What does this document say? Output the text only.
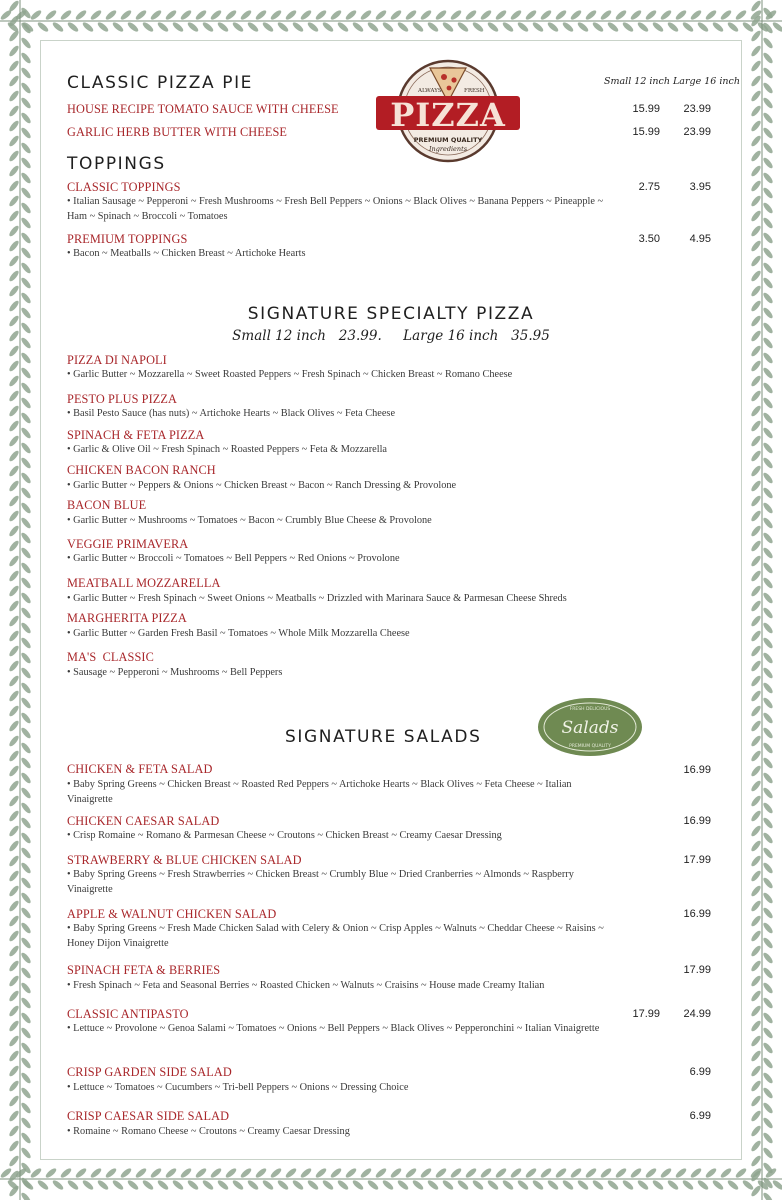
CLASSIC PIZZA PIE	Small 12 inch Large 16 inch
HOUSE RECIPE TOMATO SAUCE WITH CHEESE	15.99	23.99
GARLIC HERB BUTTER WITH CHEESE	15.99	23.99
ALWAYS	FRESH
PIZZA
PREMIUM QUALITY
Ingredients
TOPPINGS
CLASSIC TOPPINGS
• Italian Sausage ~ Pepperoni ~ Fresh Mushrooms ~ Fresh Bell Peppers ~ Onions ~ Black Olives ~ Banana Peppers ~ Pineapple ~ Ham ~ Spinach ~ Broccoli ~ Tomatoes
2.75	3.95
PREMIUM TOPPINGS
• Bacon ~ Meatballs ~ Chicken Breast ~ Artichoke Hearts
3.50	4.95
SIGNATURE SPECIALTY PIZZA
Small 12 inch   23.99.     Large 16 inch   35.95
PIZZA DI NAPOLI
• Garlic Butter ~ Mozzarella ~ Sweet Roasted Peppers ~ Fresh Spinach ~ Chicken Breast ~ Romano Cheese
PESTO PLUS PIZZA
• Basil Pesto Sauce (has nuts) ~ Artichoke Hearts ~ Black Olives ~ Feta Cheese
SPINACH & FETA PIZZA
• Garlic & Olive Oil ~ Fresh Spinach ~ Roasted Peppers ~ Feta & Mozzarella
CHICKEN BACON RANCH
• Garlic Butter ~ Peppers & Onions ~ Chicken Breast ~ Bacon ~ Ranch Dressing & Provolone
BACON BLUE
• Garlic Butter ~ Mushrooms ~ Tomatoes ~ Bacon ~ Crumbly Blue Cheese & Provolone
VEGGIE PRIMAVERA
• Garlic Butter ~ Broccoli ~ Tomatoes ~ Bell Peppers ~ Red Onions ~ Provolone
MEATBALL MOZZARELLA
• Garlic Butter ~ Fresh Spinach ~ Sweet Onions ~ Meatballs ~ Drizzled with Marinara Sauce & Parmesan Cheese Shreds
MARGHERITA PIZZA
• Garlic Butter ~ Garden Fresh Basil ~ Tomatoes ~ Whole Milk Mozzarella Cheese
MA'S  CLASSIC
• Sausage ~ Pepperoni ~ Mushrooms ~ Bell Peppers
SIGNATURE SALADS
FRESH DELICIOUS
Salads
PREMIUM QUALITY
CHICKEN & FETA SALAD
• Baby Spring Greens ~ Chicken Breast ~ Roasted Red Peppers ~ Artichoke Hearts ~ Black Olives ~ Feta Cheese ~ Italian Vinaigrette
16.99
CHICKEN CAESAR SALAD
• Crisp Romaine ~ Romano & Parmesan Cheese ~ Croutons ~ Chicken Breast ~ Creamy Caesar Dressing
16.99
STRAWBERRY & BLUE CHICKEN SALAD
• Baby Spring Greens ~ Fresh Strawberries ~ Chicken Breast ~ Crumbly Blue ~ Dried Cranberries ~ Almonds ~ Raspberry Vinaigrette
17.99
APPLE & WALNUT CHICKEN SALAD
• Baby Spring Greens ~ Fresh Made Chicken Salad with Celery & Onion ~ Crisp Apples ~ Walnuts ~ Cheddar Cheese ~ Raisins ~ Honey Dijon Vinaigrette
16.99
SPINACH FETA & BERRIES
• Fresh Spinach ~ Feta and Seasonal Berries ~ Roasted Chicken ~ Walnuts ~ Craisins ~ House made Creamy Italian
17.99
CLASSIC ANTIPASTO
• Lettuce ~ Provolone ~ Genoa Salami ~ Tomatoes ~ Onions ~ Bell Peppers ~ Black Olives ~ Pepperonchini ~ Italian Vinaigrette
17.99	24.99
CRISP GARDEN SIDE SALAD
• Lettuce ~ Tomatoes ~ Cucumbers ~ Tri-bell Peppers ~ Onions ~ Dressing Choice
6.99
CRISP CAESAR SIDE SALAD
• Romaine ~ Romano Cheese ~ Croutons ~ Creamy Caesar Dressing
6.99
